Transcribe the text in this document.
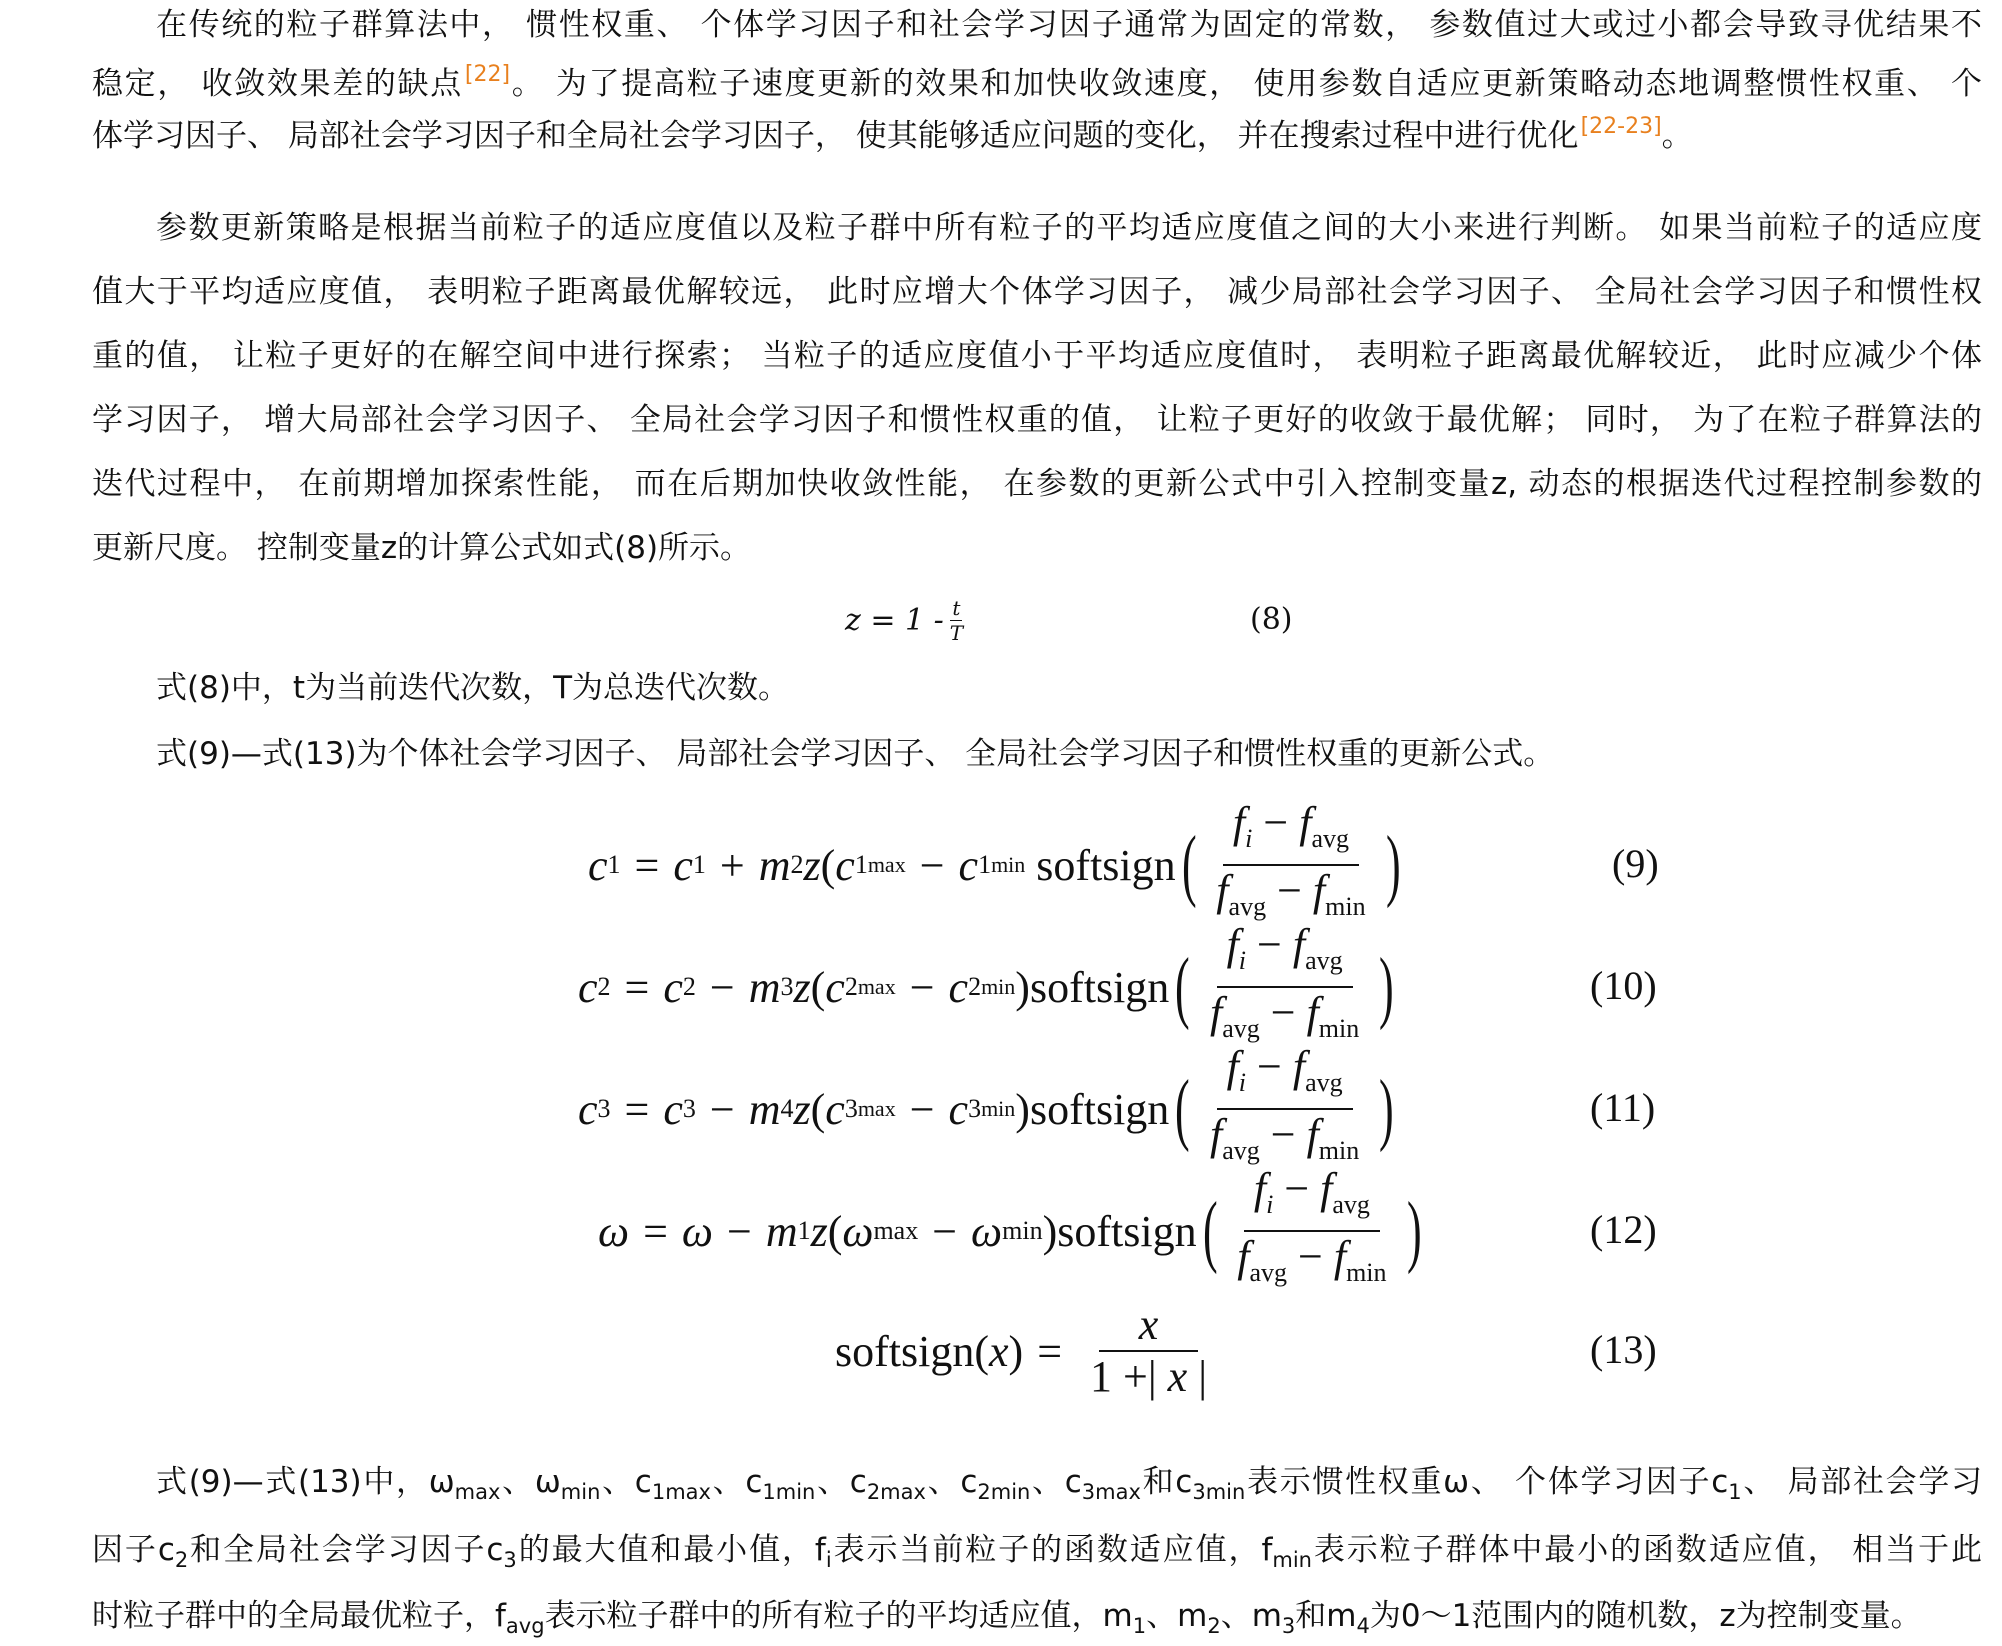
在传统的粒子群算法中， 惯性权重、 个体学习因子和社会学习因子通常为固定的常数， 参数值过大或过小都会导致寻优结果不
稳定， 收敛效果差的缺点[22]。 为了提高粒子速度更新的效果和加快收敛速度， 使用参数自适应更新策略动态地调整惯性权重、 个
体学习因子、 局部社会学习因子和全局社会学习因子， 使其能够适应问题的变化， 并在搜索过程中进行优化[22-23]。
参数更新策略是根据当前粒子的适应度值以及粒子群中所有粒子的平均适应度值之间的大小来进行判断。 如果当前粒子的适应度
值大于平均适应度值， 表明粒子距离最优解较远， 此时应增大个体学习因子， 减少局部社会学习因子、 全局社会学习因子和惯性权
重的值， 让粒子更好的在解空间中进行探索； 当粒子的适应度值小于平均适应度值时， 表明粒子距离最优解较近， 此时应减少个体
学习因子， 增大局部社会学习因子、 全局社会学习因子和惯性权重的值， 让粒子更好的收敛于最优解； 同时， 为了在粒子群算法的
迭代过程中， 在前期增加探索性能， 而在后期加快收敛性能， 在参数的更新公式中引入控制变量z, 动态的根据迭代过程控制参数的
更新尺度。 控制变量z的计算公式如式(8)所示。
$z = 1 - \frac{t}{T}$	(8)
式(8)中，t为当前迭代次数，T为总迭代次数。
式(9)—式(13)为个体社会学习因子、 局部社会学习因子、 全局社会学习因子和惯性权重的更新公式。
c 1 = c 1 + m 2 z ( c 1 max − c 1 min
softsign ( $\frac{f_i - f_{avg}}{f_{avg} - f_{min}}$ )	(9)
c 2 = c 2 − m 3 z ( c 2 max − c 2 min ) softsign ( $\frac{f_i - f_{avg}}{f_{avg} - f_{min}}$ )	(10)
c 3 = c 3 − m 4 z ( c 3 max − c 3 min ) softsign ( $\frac{f_i - f_{avg}}{f_{avg} - f_{min}}$ )	(11)
ω = ω − m 1 z ( ω max − ω min ) softsign ( $\frac{f_i - f_{avg}}{f_{avg} - f_{min}}$ )	(12)
softsign ( x ) = $\frac{x}{1 +| x |}$	(13)
式(9)—式(13)中，$\omega_{max}$、$\omega_{min}$、$c_{1max}$、$c_{1min}$、$c_{2max}$、$c_{2min}$、$c_{3max}$和$c_{3min}$表示惯性权重ω、 个体学习因子$c_1$、 局部社会学习
因子$c_2$和全局社会学习因子$c_3$的最大值和最小值，$f_i$表示当前粒子的函数适应值，$f_{min}$表示粒子群体中最小的函数适应值， 相当于此
时粒子群中的全局最优粒子，$f_{avg}$表示粒子群中的所有粒子的平均适应值，$m_1$、$m_2$、$m_3$和$m_4$为0～1范围内的随机数，z为控制变量。
